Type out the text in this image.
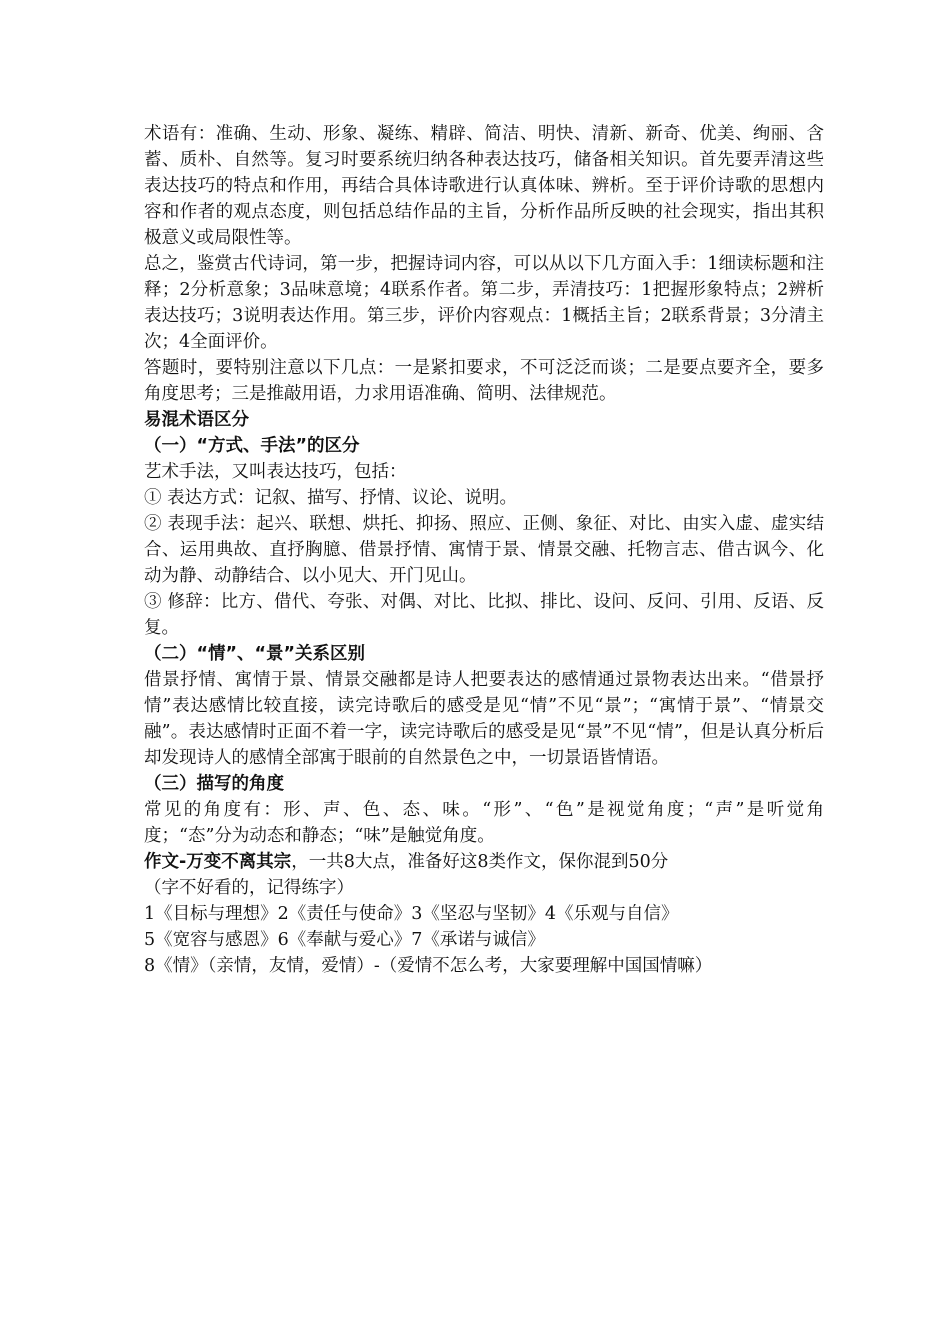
术语有：准确、生动、形象、凝练、精辟、简洁、明快、清新、新奇、优美、绚丽、含蓄、质朴、自然等。复习时要系统归纳各种表达技巧，储备相关知识。首先要弄清这些表达技巧的特点和作用，再结合具体诗歌进行认真体味、辨析。至于评价诗歌的思想内容和作者的观点态度，则包括总结作品的主旨，分析作品所反映的社会现实，指出其积极意义或局限性等。

总之，鉴赏古代诗词，第一步，把握诗词内容，可以从以下几方面入手：1细读标题和注释；2分析意象；3品味意境；4联系作者。第二步，弄清技巧：1把握形象特点；2辨析表达技巧；3说明表达作用。第三步，评价内容观点：1概括主旨；2联系背景；3分清主次；4全面评价。

答题时，要特别注意以下几点：一是紧扣要求，不可泛泛而谈；二是要点要齐全，要多角度思考；三是推敲用语，力求用语准确、简明、法律规范。

易混术语区分

（一）“方式、手法”的区分

艺术手法，又叫表达技巧，包括：

① 表达方式：记叙、描写、抒情、议论、说明。

② 表现手法：起兴、联想、烘托、抑扬、照应、正侧、象征、对比、由实入虚、虚实结合、运用典故、直抒胸臆、借景抒情、寓情于景、情景交融、托物言志、借古讽今、化动为静、动静结合、以小见大、开门见山。

③ 修辞：比方、借代、夸张、对偶、对比、比拟、排比、设问、反问、引用、反语、反复。

（二）“情”、“景”关系区别

借景抒情、寓情于景、情景交融都是诗人把要表达的感情通过景物表达出来。“借景抒情”表达感情比较直接，读完诗歌后的感受是见“情”不见“景”；“寓情于景”、“情景交融”。表达感情时正面不着一字，读完诗歌后的感受是见“景”不见“情”，但是认真分析后却发现诗人的感情全部寓于眼前的自然景色之中，一切景语皆情语。

（三）描写的角度

常见的角度有：形、声、色、态、味。“形”、“色”是视觉角度；“声”是听觉角度；“态”分为动态和静态；“味”是触觉角度。

作文-万变不离其宗，一共8大点，准备好这8类作文，保你混到50分

（字不好看的，记得练字）

1《目标与理想》2《责任与使命》3《坚忍与坚韧》4《乐观与自信》

5《宽容与感恩》6《奉献与爱心》7《承诺与诚信》

8《情》（亲情，友情，爱情）-（爱情不怎么考，大家要理解中国国情嘛）
